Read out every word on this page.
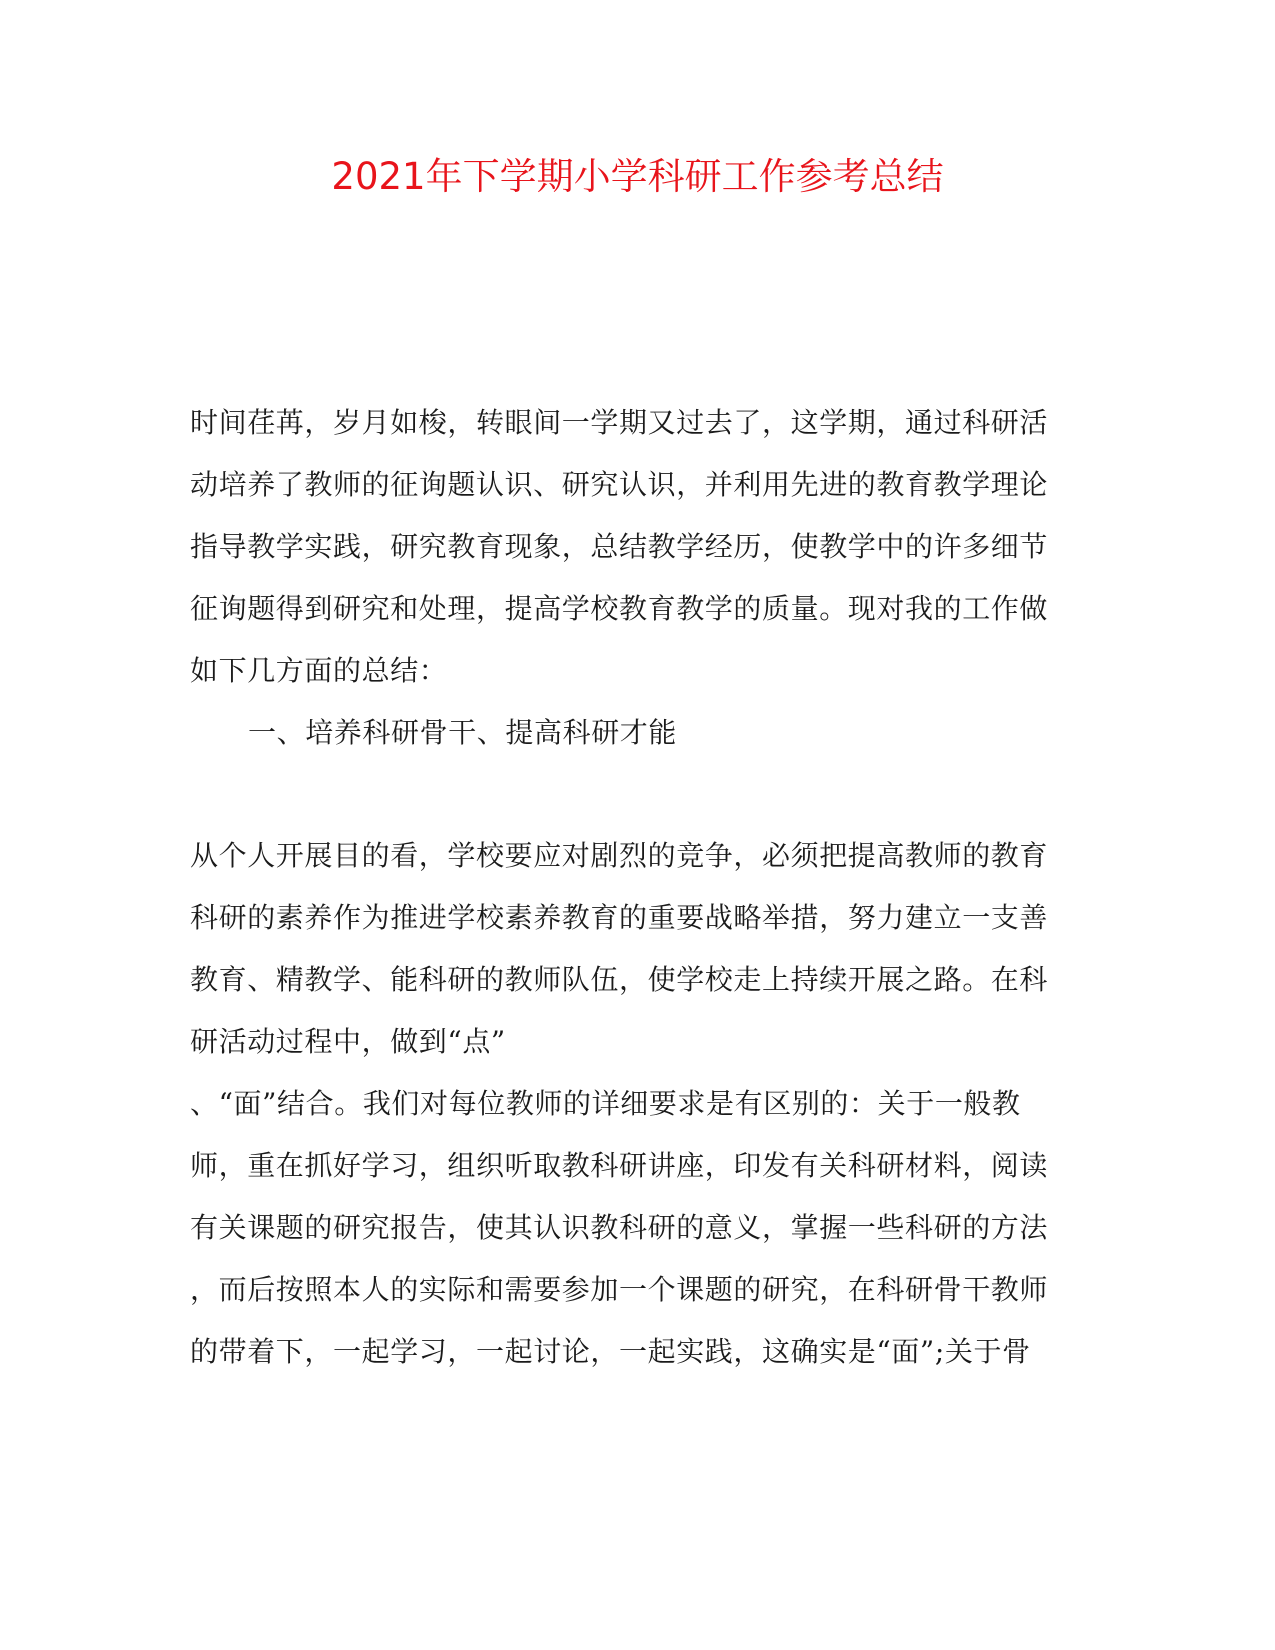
2021年下学期小学科研工作参考总结
时间荏苒，岁月如梭，转眼间一学期又过去了，这学期，通过科研活
动培养了教师的征询题认识、研究认识，并利用先进的教育教学理论
指导教学实践，研究教育现象，总结教学经历，使教学中的许多细节
征询题得到研究和处理，提高学校教育教学的质量。现对我的工作做
如下几方面的总结：
一、培养科研骨干、提高科研才能
从个人开展目的看，学校要应对剧烈的竞争，必须把提高教师的教育
科研的素养作为推进学校素养教育的重要战略举措，努力建立一支善
教育、精教学、能科研的教师队伍，使学校走上持续开展之路。在科
研活动过程中，做到“点”
、“面”结合。我们对每位教师的详细要求是有区别的：关于一般教
师，重在抓好学习，组织听取教科研讲座，印发有关科研材料，阅读
有关课题的研究报告，使其认识教科研的意义，掌握一些科研的方法
，而后按照本人的实际和需要参加一个课题的研究，在科研骨干教师
的带着下，一起学习，一起讨论，一起实践，这确实是“面”;关于骨
